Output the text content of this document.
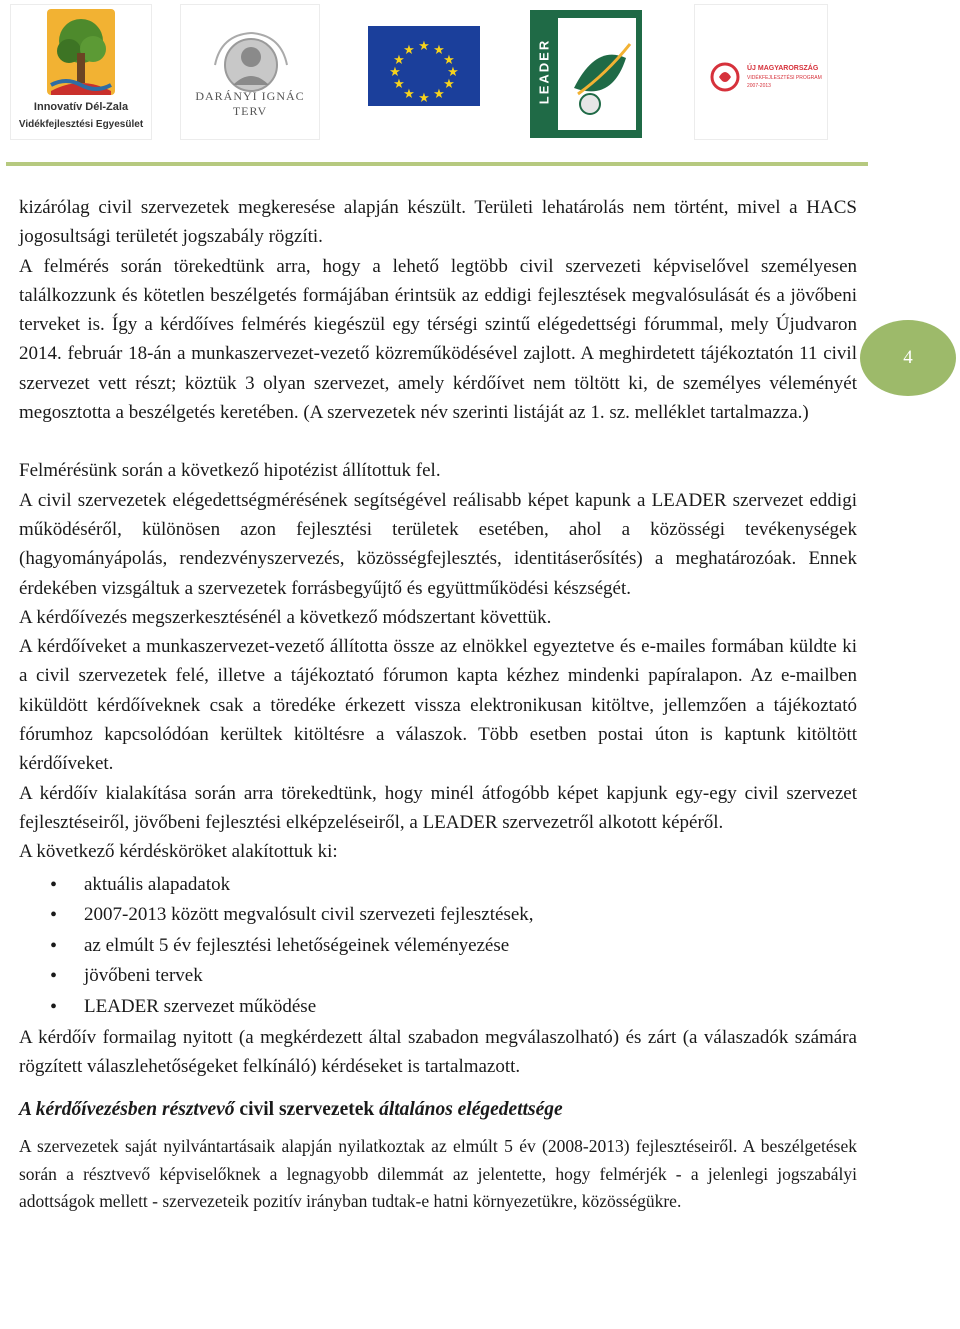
Innovatív Dél-Zala
Vidékfejlesztési Egyesület
DARÁNYI IGNÁC TERV
★ ★
★
★
★
★
★
★
★
★
★
★	LEADER	ÚJ MAGYARORSZÁG
VIDÉKFEJLESZTÉSI PROGRAM
2007-2013
4

kizárólag civil szervezetek megkeresése alapján készült. Területi lehatárolás nem történt, mivel a HACS jogosultsági területét jogszabály rögzíti.

A felmérés során törekedtünk arra, hogy a lehető legtöbb civil szervezeti képviselővel személyesen találkozzunk és kötetlen beszélgetés formájában érintsük az eddigi fejlesztések megvalósulását és a jövőbeni terveket is. Így a kérdőíves felmérés kiegészül egy térségi szintű elégedettségi fórummal, mely Újudvaron 2014. február 18-án a munkaszervezet-vezető közreműködésével zajlott. A meghirdetett tájékoztatón 11 civil szervezet vett részt; köztük 3 olyan szervezet, amely kérdőívet nem töltött ki, de személyes véleményét megosztotta a beszélgetés keretében. (A szervezetek név szerinti listáját az 1. sz. melléklet tartalmazza.)

Felmérésünk során a következő hipotézist állítottuk fel.

A civil szervezetek elégedettségmérésének segítségével reálisabb képet kapunk a LEADER szervezet eddigi működéséről, különösen azon fejlesztési területek esetében, ahol a közösségi tevékenységek (hagyományápolás, rendezvényszervezés, közösségfejlesztés, identitáserősítés) a meghatározóak. Ennek érdekében vizsgáltuk a szervezetek forrásbegyűjtő és együttműködési készségét.

A kérdőívezés megszerkesztésénél a következő módszertant követtük.

A kérdőíveket a munkaszervezet-vezető állította össze az elnökkel egyeztetve és e-mailes formában küldte ki a civil szervezetek felé, illetve a tájékoztató fórumon kapta kézhez mindenki papíralapon. Az e-mailben kiküldött kérdőíveknek csak a töredéke érkezett vissza elektronikusan kitöltve, jellemzően a tájékoztató fórumhoz kapcsolódóan kerültek kitöltésre a válaszok. Több esetben postai úton is kaptunk kitöltött kérdőíveket.

A kérdőív kialakítása során arra törekedtünk, hogy minél átfogóbb képet kapjunk egy-egy civil szervezet fejlesztéseiről, jövőbeni fejlesztési elképzeléseiről, a LEADER szervezetről alkotott képéről.

A következő kérdésköröket alakítottuk ki:

• aktuális alapadatok
• 2007-2013 között megvalósult civil szervezeti fejlesztések,
• az elmúlt 5 év fejlesztési lehetőségeinek véleményezése
• jövőbeni tervek
• LEADER szervezet működése

A kérdőív formailag nyitott (a megkérdezett által szabadon megválaszolható) és zárt (a válaszadók számára rögzített válaszlehetőségeket felkínáló) kérdéseket is tartalmazott.

A kérdőívezésben résztvevő civil szervezetek általános elégedettsége

A szervezetek saját nyilvántartásaik alapján nyilatkoztak az elmúlt 5 év (2008-2013) fejlesztéseiről. A beszélgetések során a résztvevő képviselőknek a legnagyobb dilemmát az jelentette, hogy felmérjék - a jelenlegi jogszabályi adottságok mellett - szervezeteik pozitív irányban tudtak-e hatni környezetükre, közösségükre.
